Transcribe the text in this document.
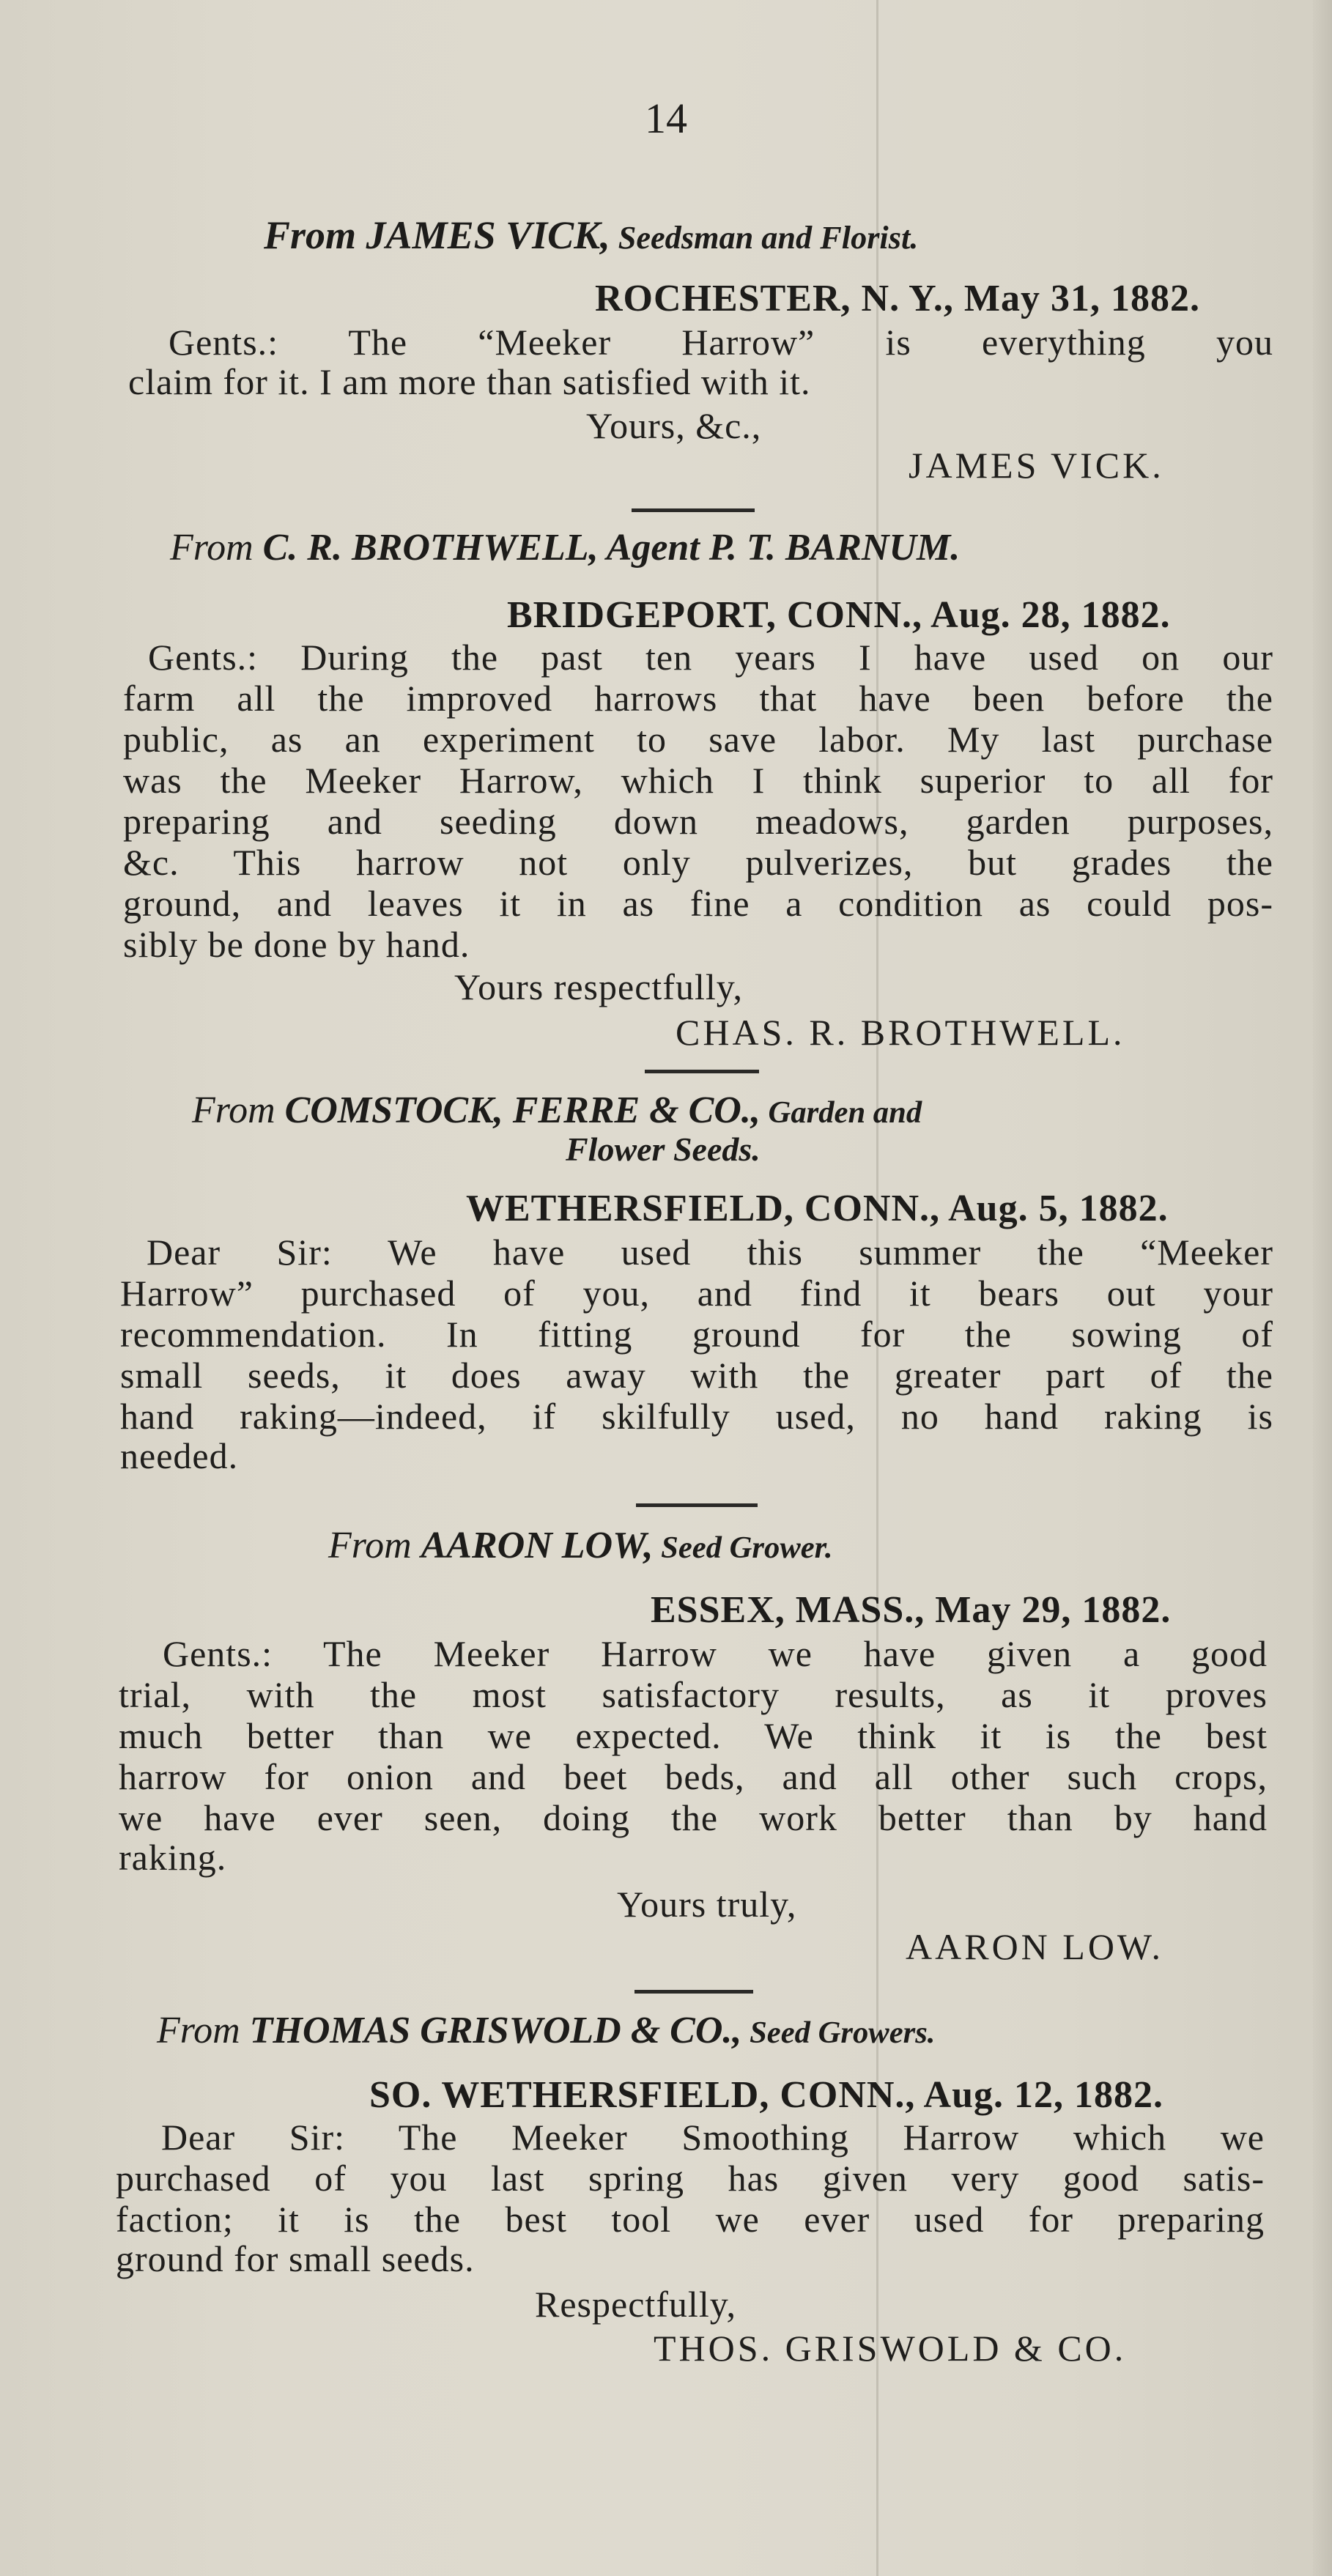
14
From JAMES VICK, Seedsman and Florist.
ROCHESTER, N. Y., May 31, 1882.
Gents.: The “Meeker Harrow” is everything you
claim for it. I am more than satisfied with it.
Yours, &c.,
JAMES VICK.
From C. R. BROTHWELL, Agent P. T. BARNUM.
BRIDGEPORT, CONN., Aug. 28, 1882.
Gents.: During the past ten years I have used on our
farm all the improved harrows that have been before the
public, as an experiment to save labor. My last purchase
was the Meeker Harrow, which I think superior to all for
preparing and seeding down meadows, garden purposes,
&c. This harrow not only pulverizes, but grades the
ground, and leaves it in as fine a condition as could pos-
sibly be done by hand.
Yours respectfully,
CHAS. R. BROTHWELL.
From COMSTOCK, FERRE & CO., Garden and
Flower Seeds.
WETHERSFIELD, CONN., Aug. 5, 1882.
Dear Sir: We have used this summer the “Meeker
Harrow” purchased of you, and find it bears out your
recommendation. In fitting ground for the sowing of
small seeds, it does away with the greater part of the
hand raking—indeed, if skilfully used, no hand raking is
needed.
From AARON LOW, Seed Grower.
ESSEX, MASS., May 29, 1882.
Gents.: The Meeker Harrow we have given a good
trial, with the most satisfactory results, as it proves
much better than we expected. We think it is the best
harrow for onion and beet beds, and all other such crops,
we have ever seen, doing the work better than by hand
raking.
Yours truly,
AARON LOW.
From THOMAS GRISWOLD & CO., Seed Growers.
SO. WETHERSFIELD, CONN., Aug. 12, 1882.
Dear Sir: The Meeker Smoothing Harrow which we
purchased of you last spring has given very good satis-
faction; it is the best tool we ever used for preparing
ground for small seeds.
Respectfully,
THOS. GRISWOLD & CO.
